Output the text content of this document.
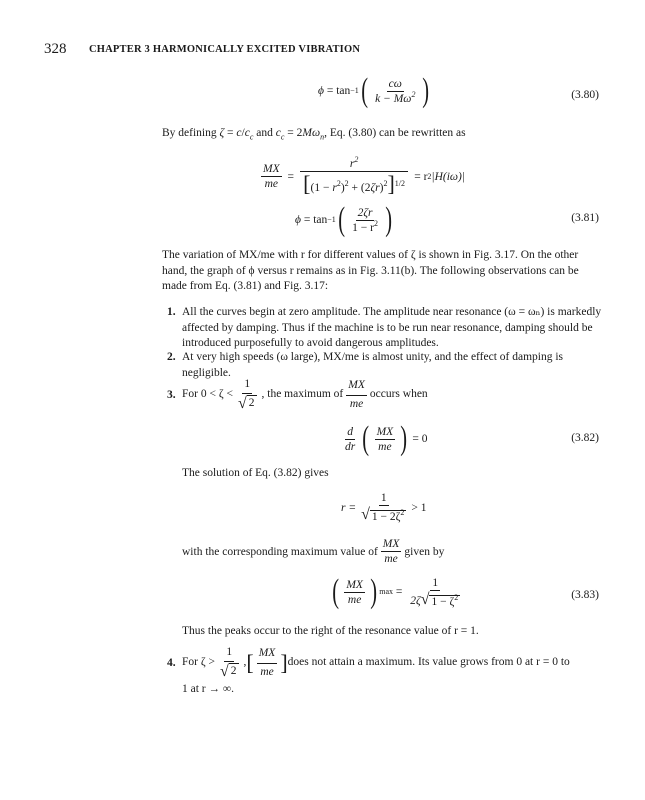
328 CHAPTER 3 HARMONICALLY EXCITED VIBRATION
ϕ = tan −1 ( $\frac{c\omega}{k - M\omega^2}$ )	(3.80)
By defining $\zeta = c/c_c$ and $c_c = 2M\omega_n$, Eq. (3.80) can be rewritten as
$\frac{MX}{me} = \frac{r^2}{[(1 - r^2)^2 + (2\zeta r)^2]^{1/2}}$
= r 2 |H(iω)|
ϕ = tan −1 ( $\frac{2\zeta r}{1 - r^2}$ )	(3.81)
The variation of MX/me with r for different values of ζ is shown in Fig. 3.17. On the other hand, the graph of ϕ versus r remains as in Fig. 3.11(b). The following observations can be made from Eq. (3.81) and Fig. 3.17:
1. All the curves begin at zero amplitude. The amplitude near resonance (ω = ωₙ) is markedly affected by damping. Thus if the machine is to be run near resonance, damping should be introduced purposefully to avoid dangerous amplitudes.
2. At very high speeds (ω large), MX/me is almost unity, and the effect of damping is negligible.
3. For $0 < \zeta < \frac{1}{√ 2}$ , the maximum of $\frac{MX}{me}$ occurs when
$\frac{d}{dr}$ ( $\frac{MX}{me}$ )
= 0	(3.82)
The solution of Eq. (3.82) gives
$r = \frac{1}{√ 1 - 2\zeta^2} > 1$
with the corresponding maximum value of $\frac{MX}{me}$ given by
( $\frac{MX}{me}$ ) $\max = \frac{1}{2\zeta √ 1 - \zeta^2}$	(3.83)
Thus the peaks occur to the right of the resonance value of r = 1.
4. For $\zeta > \frac{1}{√ 2}$ , [ $\frac{MX}{me}$ ] does not attain a maximum. Its value grows from 0 at r = 0 to
1 at r → ∞.
